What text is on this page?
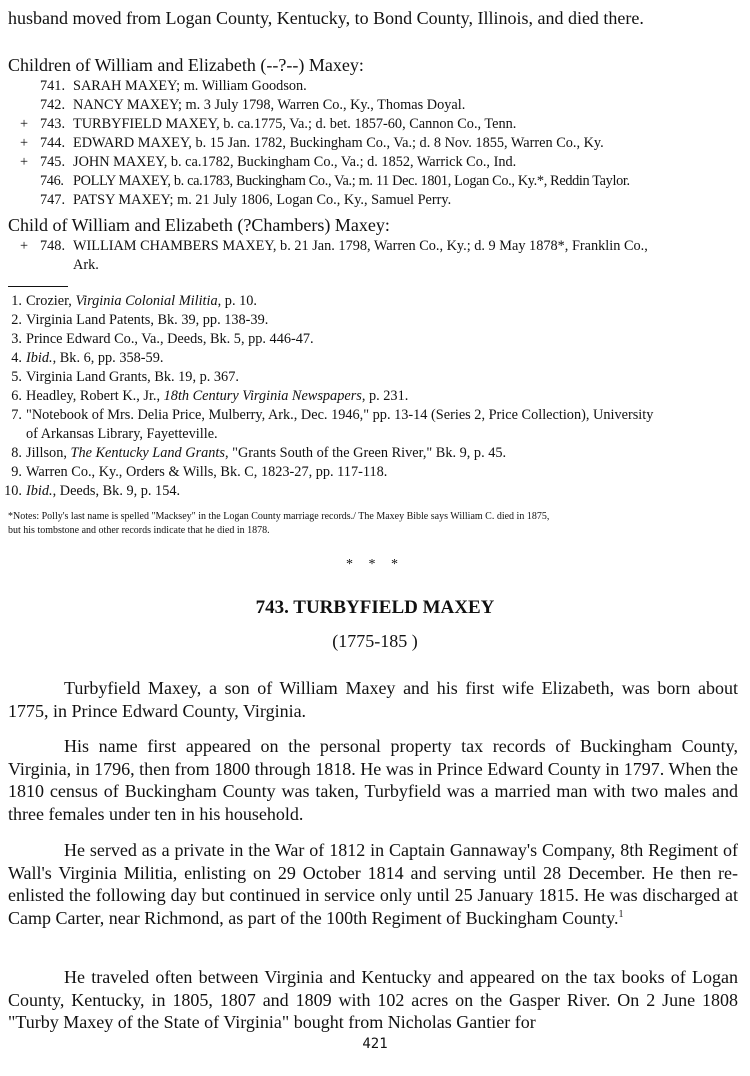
husband moved from Logan County, Kentucky, to Bond County, Illinois, and died there.
Children of William and Elizabeth (--?--) Maxey:
741. SARAH MAXEY; m. William Goodson.
742. NANCY MAXEY; m. 3 July 1798, Warren Co., Ky., Thomas Doyal.
+ 743. TURBYFIELD MAXEY, b. ca.1775, Va.; d. bet. 1857-60, Cannon Co., Tenn.
+ 744. EDWARD MAXEY, b. 15 Jan. 1782, Buckingham Co., Va.; d. 8 Nov. 1855, Warren Co., Ky.
+ 745. JOHN MAXEY, b. ca.1782, Buckingham Co., Va.; d. 1852, Warrick Co., Ind.
746. POLLY MAXEY, b. ca.1783, Buckingham Co., Va.; m. 11 Dec. 1801, Logan Co., Ky.*, Reddin Taylor.
747. PATSY MAXEY; m. 21 July 1806, Logan Co., Ky., Samuel Perry.
Child of William and Elizabeth (?Chambers) Maxey:
+ 748. WILLIAM CHAMBERS MAXEY, b. 21 Jan. 1798, Warren Co., Ky.; d. 9 May 1878*, Franklin Co.,
Ark.
1. Crozier, Virginia Colonial Militia, p. 10.
2. Virginia Land Patents, Bk. 39, pp. 138-39.
3. Prince Edward Co., Va., Deeds, Bk. 5, pp. 446-47.
4. Ibid., Bk. 6, pp. 358-59.
5. Virginia Land Grants, Bk. 19, p. 367.
6. Headley, Robert K., Jr., 18th Century Virginia Newspapers, p. 231.
7. "Notebook of Mrs. Delia Price, Mulberry, Ark., Dec. 1946," pp. 13-14 (Series 2, Price Collection), University
of Arkansas Library, Fayetteville.
8. Jillson, The Kentucky Land Grants, "Grants South of the Green River," Bk. 9, p. 45.
9. Warren Co., Ky., Orders & Wills, Bk. C, 1823-27, pp. 117-118.
10. Ibid., Deeds, Bk. 9, p. 154.
*Notes: Polly's last name is spelled "Macksey" in the Logan County marriage records./ The Maxey Bible says William C. died in 1875,
but his tombstone and other records indicate that he died in 1878.
* * *
743. TURBYFIELD MAXEY
(1775-185 )
Turbyfield Maxey, a son of William Maxey and his first wife Elizabeth, was born about 1775, in Prince Edward County, Virginia.
His name first appeared on the personal property tax records of Buckingham County, Virginia, in 1796, then from 1800 through 1818. He was in Prince Edward County in 1797. When the 1810 census of Buckingham County was taken, Turbyfield was a married man with two males and three females under ten in his household.
He served as a private in the War of 1812 in Captain Gannaway's Company, 8th Regiment of Wall's Virginia Militia, enlisting on 29 October 1814 and serving until 28 December. He then re-enlisted the following day but continued in service only until 25 January 1815. He was discharged at Camp Carter, near Richmond, as part of the 100th Regiment of Buckingham County.$^1$
He traveled often between Virginia and Kentucky and appeared on the tax books of Logan County, Kentucky, in 1805, 1807 and 1809 with 102 acres on the Gasper River. On 2 June 1808 "Turby Maxey of the State of Virginia" bought from Nicholas Gantier for
421
